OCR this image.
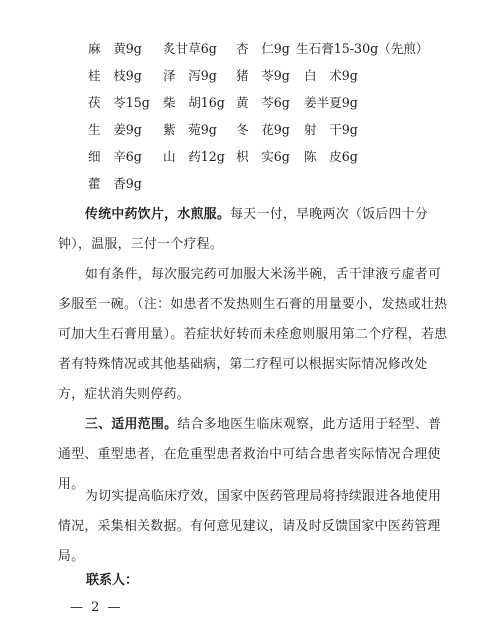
麻　黄9g 炙甘草6g 杏　仁9g 生石膏15-30g（先煎）
桂　枝9g 泽　泻9g 猪　苓9g 白　术9g
茯　苓15g 柴　胡16g 黄　芩6g 姜半夏9g
生　姜9g 紫　菀9g 冬　花9g 射　干9g
细　辛6g 山　药12g 枳　实6g 陈　皮6g
藿　香9g

传统中药饮片，水煎服。每天一付，早晚两次（饭后四十分钟），温服，三付一个疗程。

如有条件，每次服完药可加服大米汤半碗，舌干津液亏虚者可多服至一碗。（注：如患者不发热则生石膏的用量要小，发热或壮热可加大生石膏用量）。若症状好转而未痊愈则服用第二个疗程，若患者有特殊情况或其他基础病，第二疗程可以根据实际情况修改处方，症状消失则停药。

三、适用范围。结合多地医生临床观察，此方适用于轻型、普通型、重型患者，在危重型患者救治中可结合患者实际情况合理使用。

为切实提高临床疗效，国家中医药管理局将持续跟进各地使用情况，采集相关数据。有何意见建议，请及时反馈国家中医药管理局。

联系人：
— 2 —
